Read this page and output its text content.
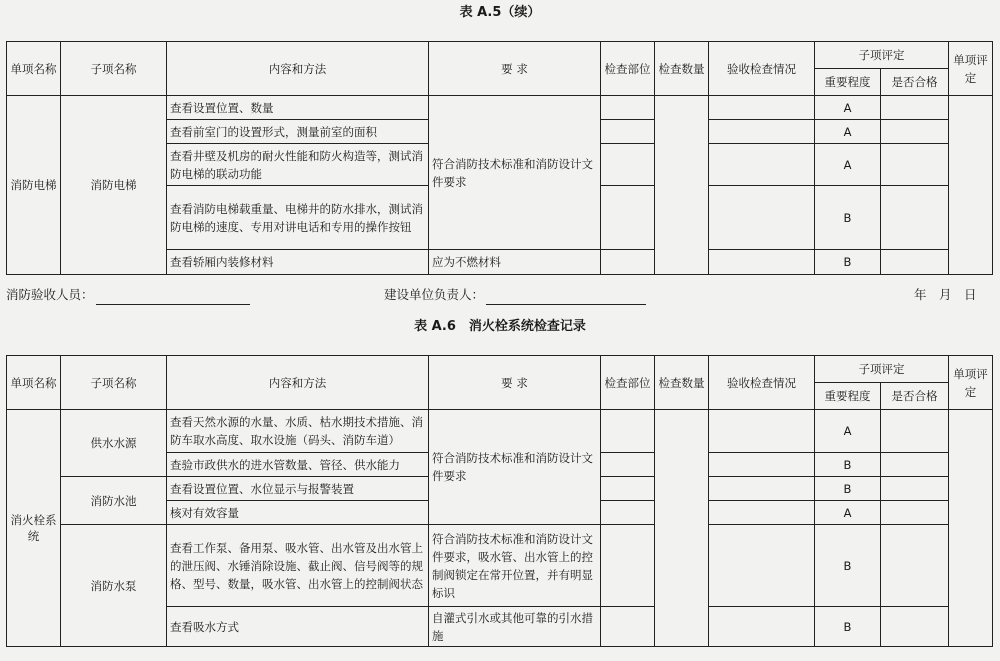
表 A.5（续）
单项名称	子项名称	内容和方法	要 求	检查部位	检查数量	验收检查情况	子项评定		单项评定
							重要程度	是否合格	
消防电梯	消防电梯	查看设置位置、数量	符合消防技术标准和消防设计文件要求				A		
		查看前室门的设置形式，测量前室的面积					A		
		查看井壁及机房的耐火性能和防火构造等，测试消防电梯的联动功能					A		
		查看消防电梯载重量、电梯井的防水排水，测试消防电梯的速度、专用对讲电话和专用的操作按钮					B		
		查看轿厢内装修材料	应为不燃材料				B		
消防验收人员：	建设单位负责人：	年　月　日
表 A.6　消火栓系统检查记录
单项名称	子项名称	内容和方法	要 求	检查部位	检查数量	验收检查情况	子项评定		单项评定
							重要程度	是否合格	
消火栓系统	供水水源	查看天然水源的水量、水质、枯水期技术措施、消防车取水高度、取水设施（码头、消防车道）	符合消防技术标准和消防设计文件要求				A		
		查验市政供水的进水管数量、管径、供水能力					B		
	消防水池	查看设置位置、水位显示与报警装置					B		
		核对有效容量					A		
	消防水泵	查看工作泵、备用泵、吸水管、出水管及出水管上的泄压阀、水锤消除设施、截止阀、信号阀等的规格、型号、数量，吸水管、出水管上的控制阀状态	符合消防技术标准和消防设计文件要求，吸水管、出水管上的控制阀锁定在常开位置，并有明显标识				B		
		查看吸水方式	自灌式引水或其他可靠的引水措施				B		
